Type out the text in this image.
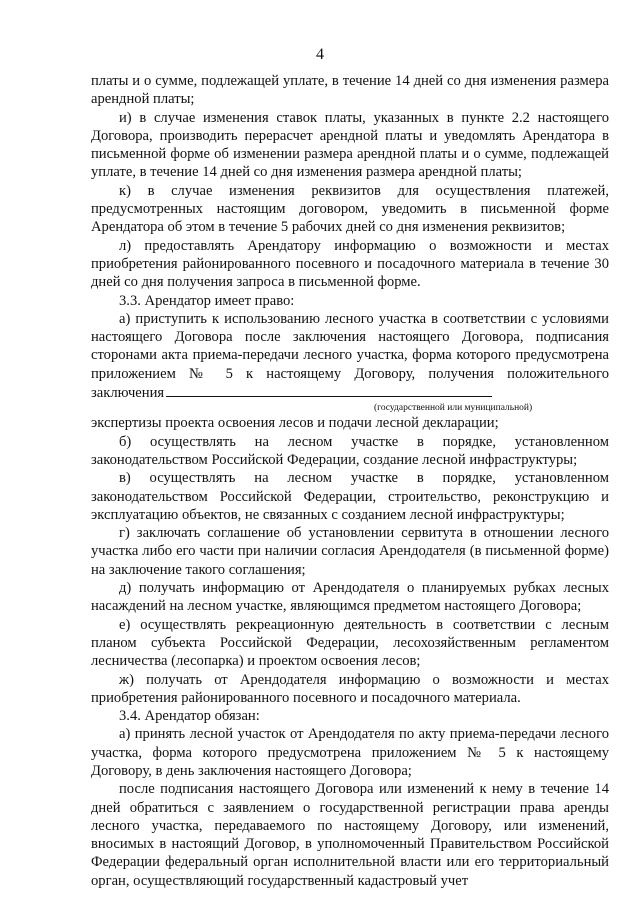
4

платы и о сумме, подлежащей уплате, в течение 14 дней со дня изменения размера арендной платы;

и) в случае изменения ставок платы, указанных в пункте 2.2 настоящего Договора, производить перерасчет арендной платы и уведомлять Арендатора в письменной форме об изменении размера арендной платы и о сумме, подлежащей уплате, в течение 14 дней со дня изменения размера арендной платы;

к) в случае изменения реквизитов для осуществления платежей, предусмотренных настоящим договором, уведомить в письменной форме Арендатора об этом в течение 5 рабочих дней со дня изменения реквизитов;

л) предоставлять Арендатору информацию о возможности и местах приобретения районированного посевного и посадочного материала в течение 30 дней со дня получения запроса в письменной форме.

3.3. Арендатор имеет право:

а) приступить к использованию лесного участка в соответствии с условиями настоящего Договора после заключения настоящего Договора, подписания сторонами акта приема-передачи лесного участка, форма которого предусмотрена приложением № 5 к настоящему Договору, получения положительного заключения

(государственной или муниципальной)

экспертизы проекта освоения лесов и подачи лесной декларации;

б) осуществлять на лесном участке в порядке, установленном законодательством Российской Федерации, создание лесной инфраструктуры;

в) осуществлять на лесном участке в порядке, установленном законодательством Российской Федерации, строительство, реконструкцию и эксплуатацию объектов, не связанных с созданием лесной инфраструктуры;

г) заключать соглашение об установлении сервитута в отношении лесного участка либо его части при наличии согласия Арендодателя (в письменной форме) на заключение такого соглашения;

д) получать информацию от Арендодателя о планируемых рубках лесных насаждений на лесном участке, являющимся предметом настоящего Договора;

е) осуществлять рекреационную деятельность в соответствии с лесным планом субъекта Российской Федерации, лесохозяйственным регламентом лесничества (лесопарка) и проектом освоения лесов;

ж) получать от Арендодателя информацию о возможности и местах приобретения районированного посевного и посадочного материала.

3.4. Арендатор обязан:

а) принять лесной участок от Арендодателя по акту приема-передачи лесного участка, форма которого предусмотрена приложением № 5 к настоящему Договору, в день заключения настоящего Договора;

после подписания настоящего Договора или изменений к нему в течение 14 дней обратиться с заявлением о государственной регистрации права аренды лесного участка, передаваемого по настоящему Договору, или изменений, вносимых в настоящий Договор, в уполномоченный Правительством Российской Федерации федеральный орган исполнительной власти или его территориальный орган, осуществляющий государственный кадастровый учет
